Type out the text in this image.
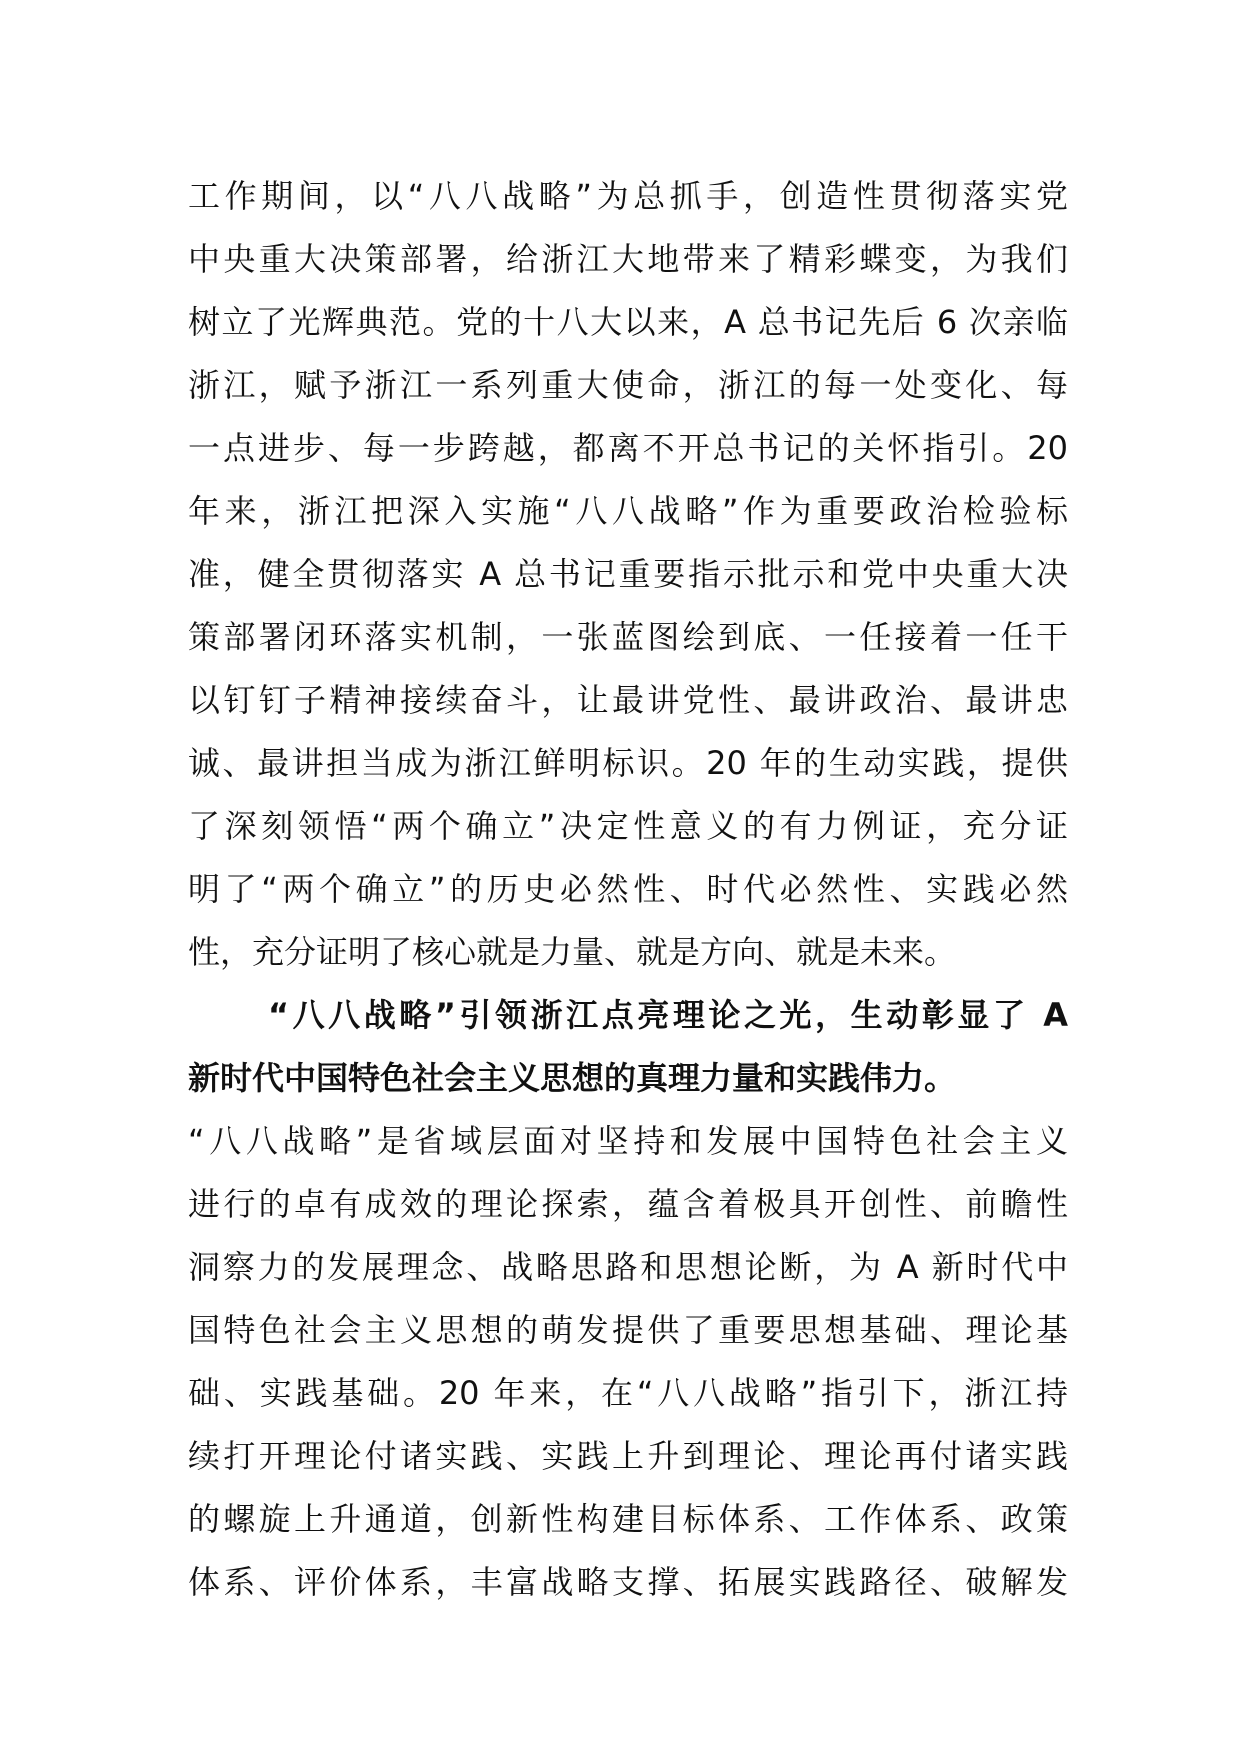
工作期间，以“八八战略”为总抓手，创造性贯彻落实党
中央重大决策部署，给浙江大地带来了精彩蝶变，为我们
树立了光辉典范。党的十八大以来，A 总书记先后 6 次亲临
浙江，赋予浙江一系列重大使命，浙江的每一处变化、每
一点进步、每一步跨越，都离不开总书记的关怀指引。20
年来，浙江把深入实施“八八战略”作为重要政治检验标
准，健全贯彻落实 A 总书记重要指示批示和党中央重大决
策部署闭环落实机制，一张蓝图绘到底、一任接着一任干
以钉钉子精神接续奋斗，让最讲党性、最讲政治、最讲忠
诚、最讲担当成为浙江鲜明标识。20 年的生动实践，提供
了深刻领悟“两个确立”决定性意义的有力例证，充分证
明了“两个确立”的历史必然性、时代必然性、实践必然
性，充分证明了核心就是力量、就是方向、就是未来。
“八八战略”引领浙江点亮理论之光，生动彰显了 A
新时代中国特色社会主义思想的真理力量和实践伟力。
“八八战略”是省域层面对坚持和发展中国特色社会主义
进行的卓有成效的理论探索，蕴含着极具开创性、前瞻性
洞察力的发展理念、战略思路和思想论断，为 A 新时代中
国特色社会主义思想的萌发提供了重要思想基础、理论基
础、实践基础。20 年来，在“八八战略”指引下，浙江持
续打开理论付诸实践、实践上升到理论、理论再付诸实践
的螺旋上升通道，创新性构建目标体系、工作体系、政策
体系、评价体系，丰富战略支撑、拓展实践路径、破解发
